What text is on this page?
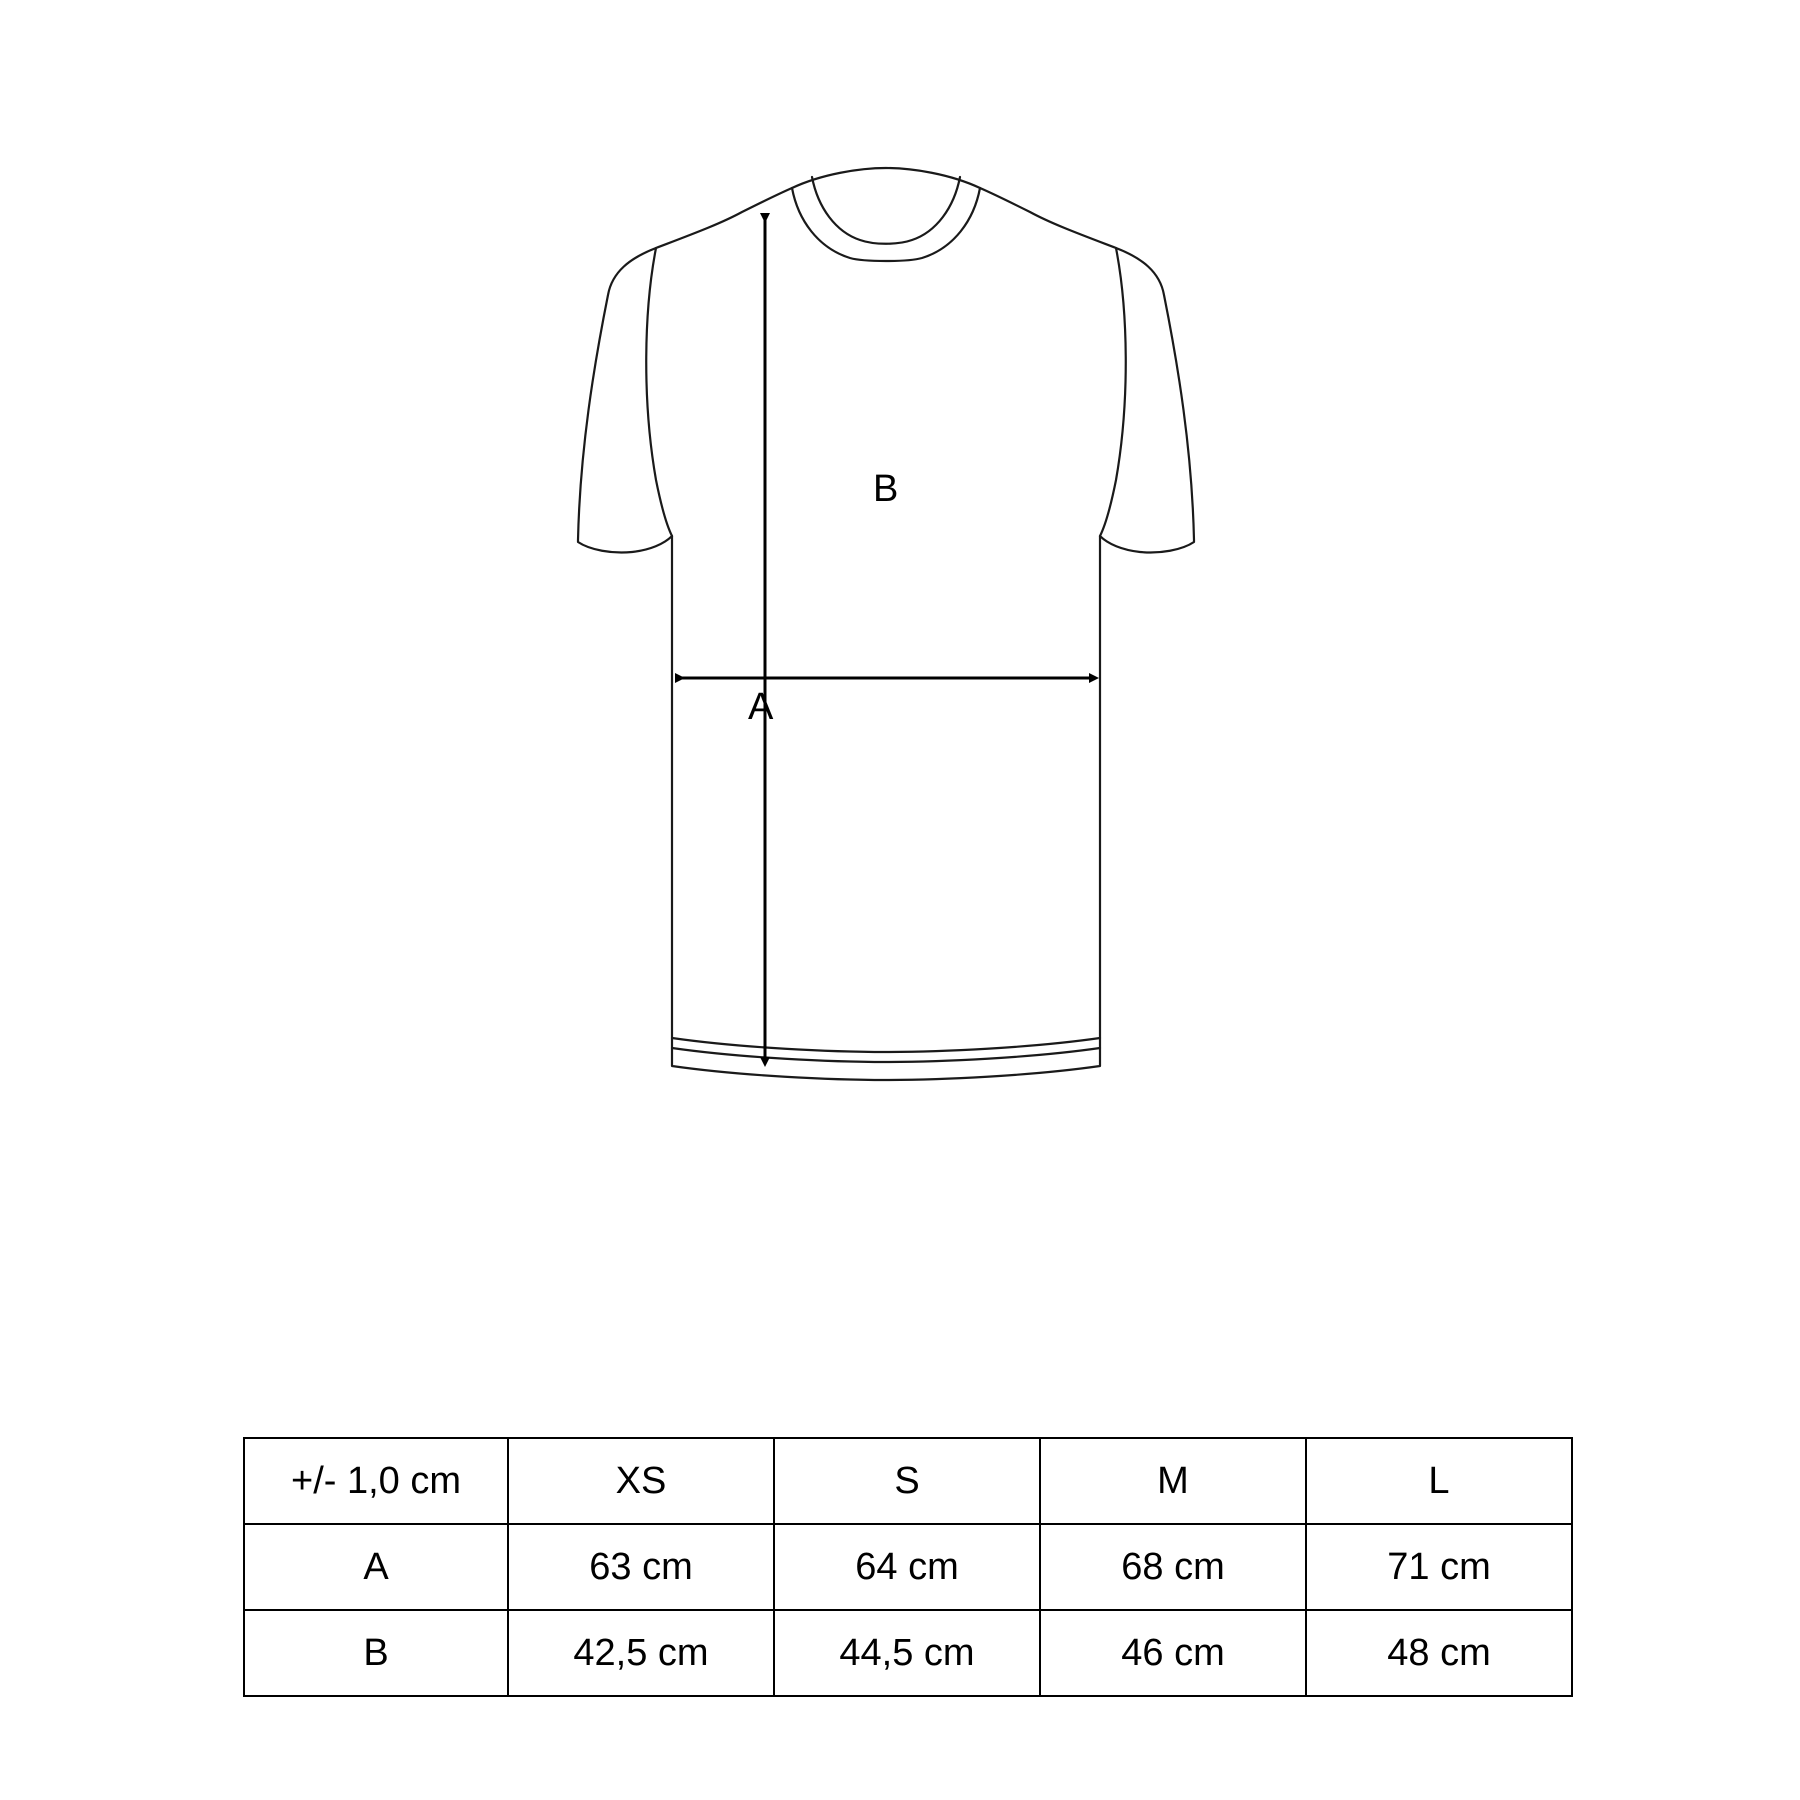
B
A
+/- 1,0 cm	XS	S	M	L
A	63 cm	64 cm	68 cm	71 cm
B	42,5 cm	44,5 cm	46 cm	48 cm
